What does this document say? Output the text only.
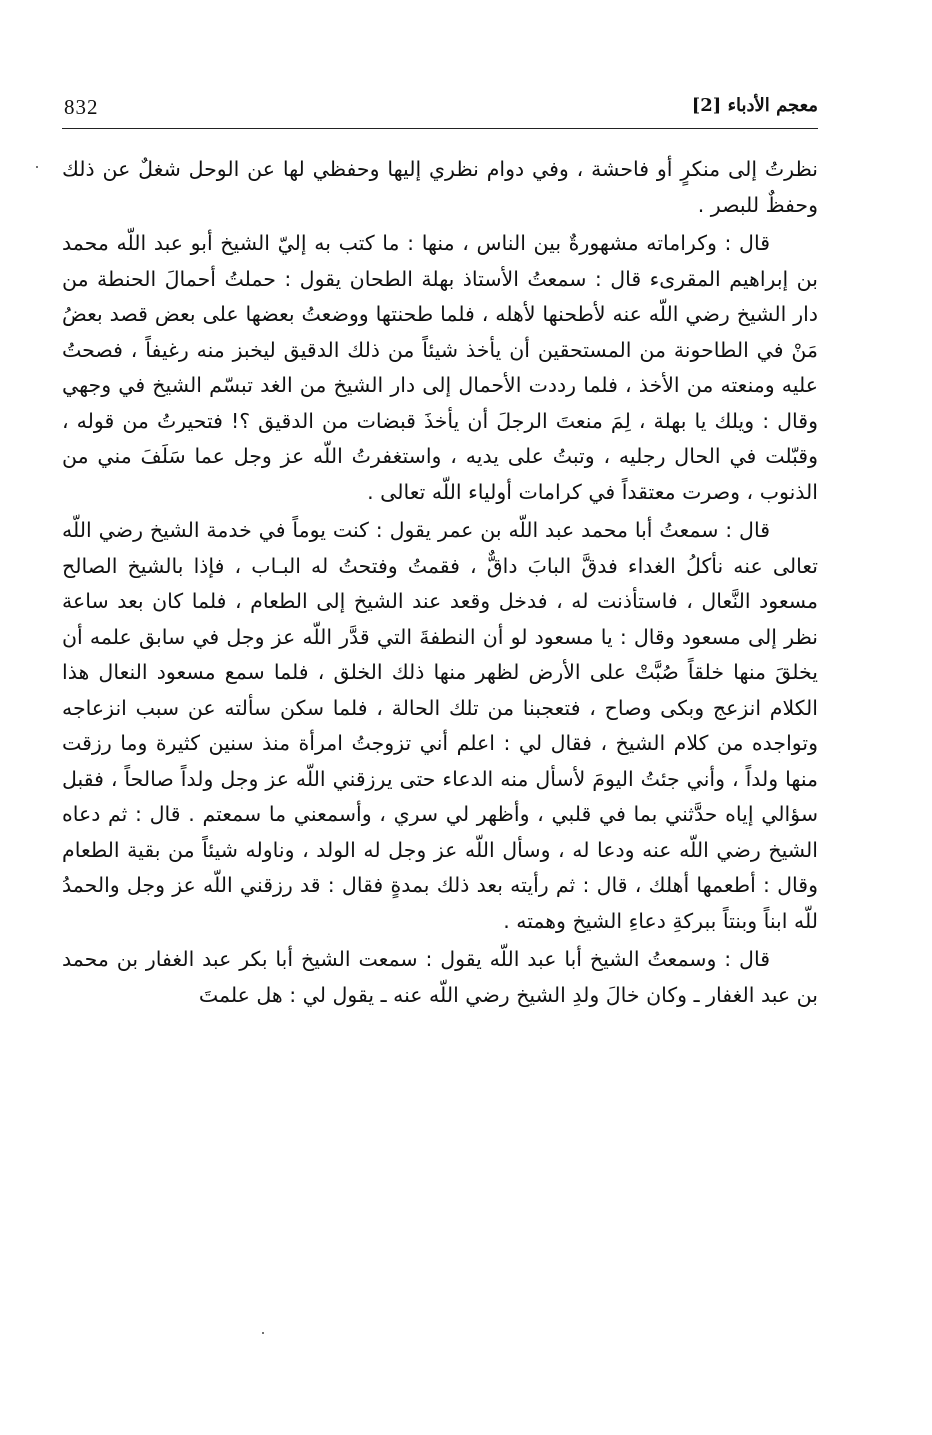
معجم الأدباء [2]
832

نظرتُ إلى منكرٍ أو فاحشة ، وفي دوام نظري إليها وحفظي لها عن الوحل شغلٌ عن ذلك وحفظٌ للبصر .

قال : وكراماته مشهورةٌ بين الناس ، منها : ما كتب به إليّ الشيخ أبو عبد اللّه محمد بن إبراهيم المقرىء قال : سمعتُ الأستاذ بهلة الطحان يقول : حملتُ أحمالَ الحنطة من دار الشيخ رضي اللّه عنه لأطحنها لأهله ، فلما طحنتها ووضعتُ بعضها على بعض قصد بعضُ مَنْ في الطاحونة من المستحقين أن يأخذ شيئاً من ذلك الدقيق ليخبز منه رغيفاً ، فصحتُ عليه ومنعته من الأخذ ، فلما رددت الأحمال إلى دار الشيخ من الغد تبسّم الشيخ في وجهي وقال : ويلك يا بهلة ، لِمَ منعتَ الرجلَ أن يأخذَ قبضات من الدقيق ؟! فتحيرتُ من قوله ، وقبّلت في الحال رجليه ، وتبتُ على يديه ، واستغفرتُ اللّه عز وجل عما سَلَفَ مني من الذنوب ، وصرت معتقداً في كرامات أولياء اللّه تعالى .

قال : سمعتُ أبا محمد عبد اللّه بن عمر يقول : كنت يوماً في خدمة الشيخ رضي اللّه تعالى عنه نأكلُ الغداء فدقَّ البابَ داقٌّ ، فقمتُ وفتحتُ له البـاب ، فإذا بالشيخ الصالح مسعود النَّعال ، فاستأذنت له ، فدخل وقعد عند الشيخ إلى الطعام ، فلما كان بعد ساعة نظر إلى مسعود وقال : يا مسعود لو أن النطفةَ التي قدَّر اللّه عز وجل في سابق علمه أن يخلقَ منها خلقاً صُبَّتْ على الأرض لظهر منها ذلك الخلق ، فلما سمع مسعود النعال هذا الكلام انزعج وبكى وصاح ، فتعجبنا من تلك الحالة ، فلما سكن سألته عن سبب انزعاجه وتواجده من كلام الشيخ ، فقال لي : اعلم أني تزوجتُ امرأة منذ سنين كثيرة وما رزقت منها ولداً ، وأني جئتُ اليومَ لأسأل منه الدعاء حتى يرزقني اللّه عز وجل ولداً صالحاً ، فقبل سؤالي إياه حدَّثني بما في قلبي ، وأظهر لي سري ، وأسمعني ما سمعتم . قال : ثم دعاه الشيخ رضي اللّه عنه ودعا له ، وسأل اللّه عز وجل له الولد ، وناوله شيئاً من بقية الطعام وقال : أطعمها أهلك ، قال : ثم رأيته بعد ذلك بمدةٍ فقال : قد رزقني اللّه عز وجل والحمدُ للّه ابناً وبنتاً ببركةِ دعاءِ الشيخ وهمته .

قال : وسمعتُ الشيخ أبا عبد اللّه يقول : سمعت الشيخ أبا بكر عبد الغفار بن محمد بن عبد الغفار ـ وكان خالَ ولدِ الشيخ رضي اللّه عنه ـ يقول لي : هل علمتَ
